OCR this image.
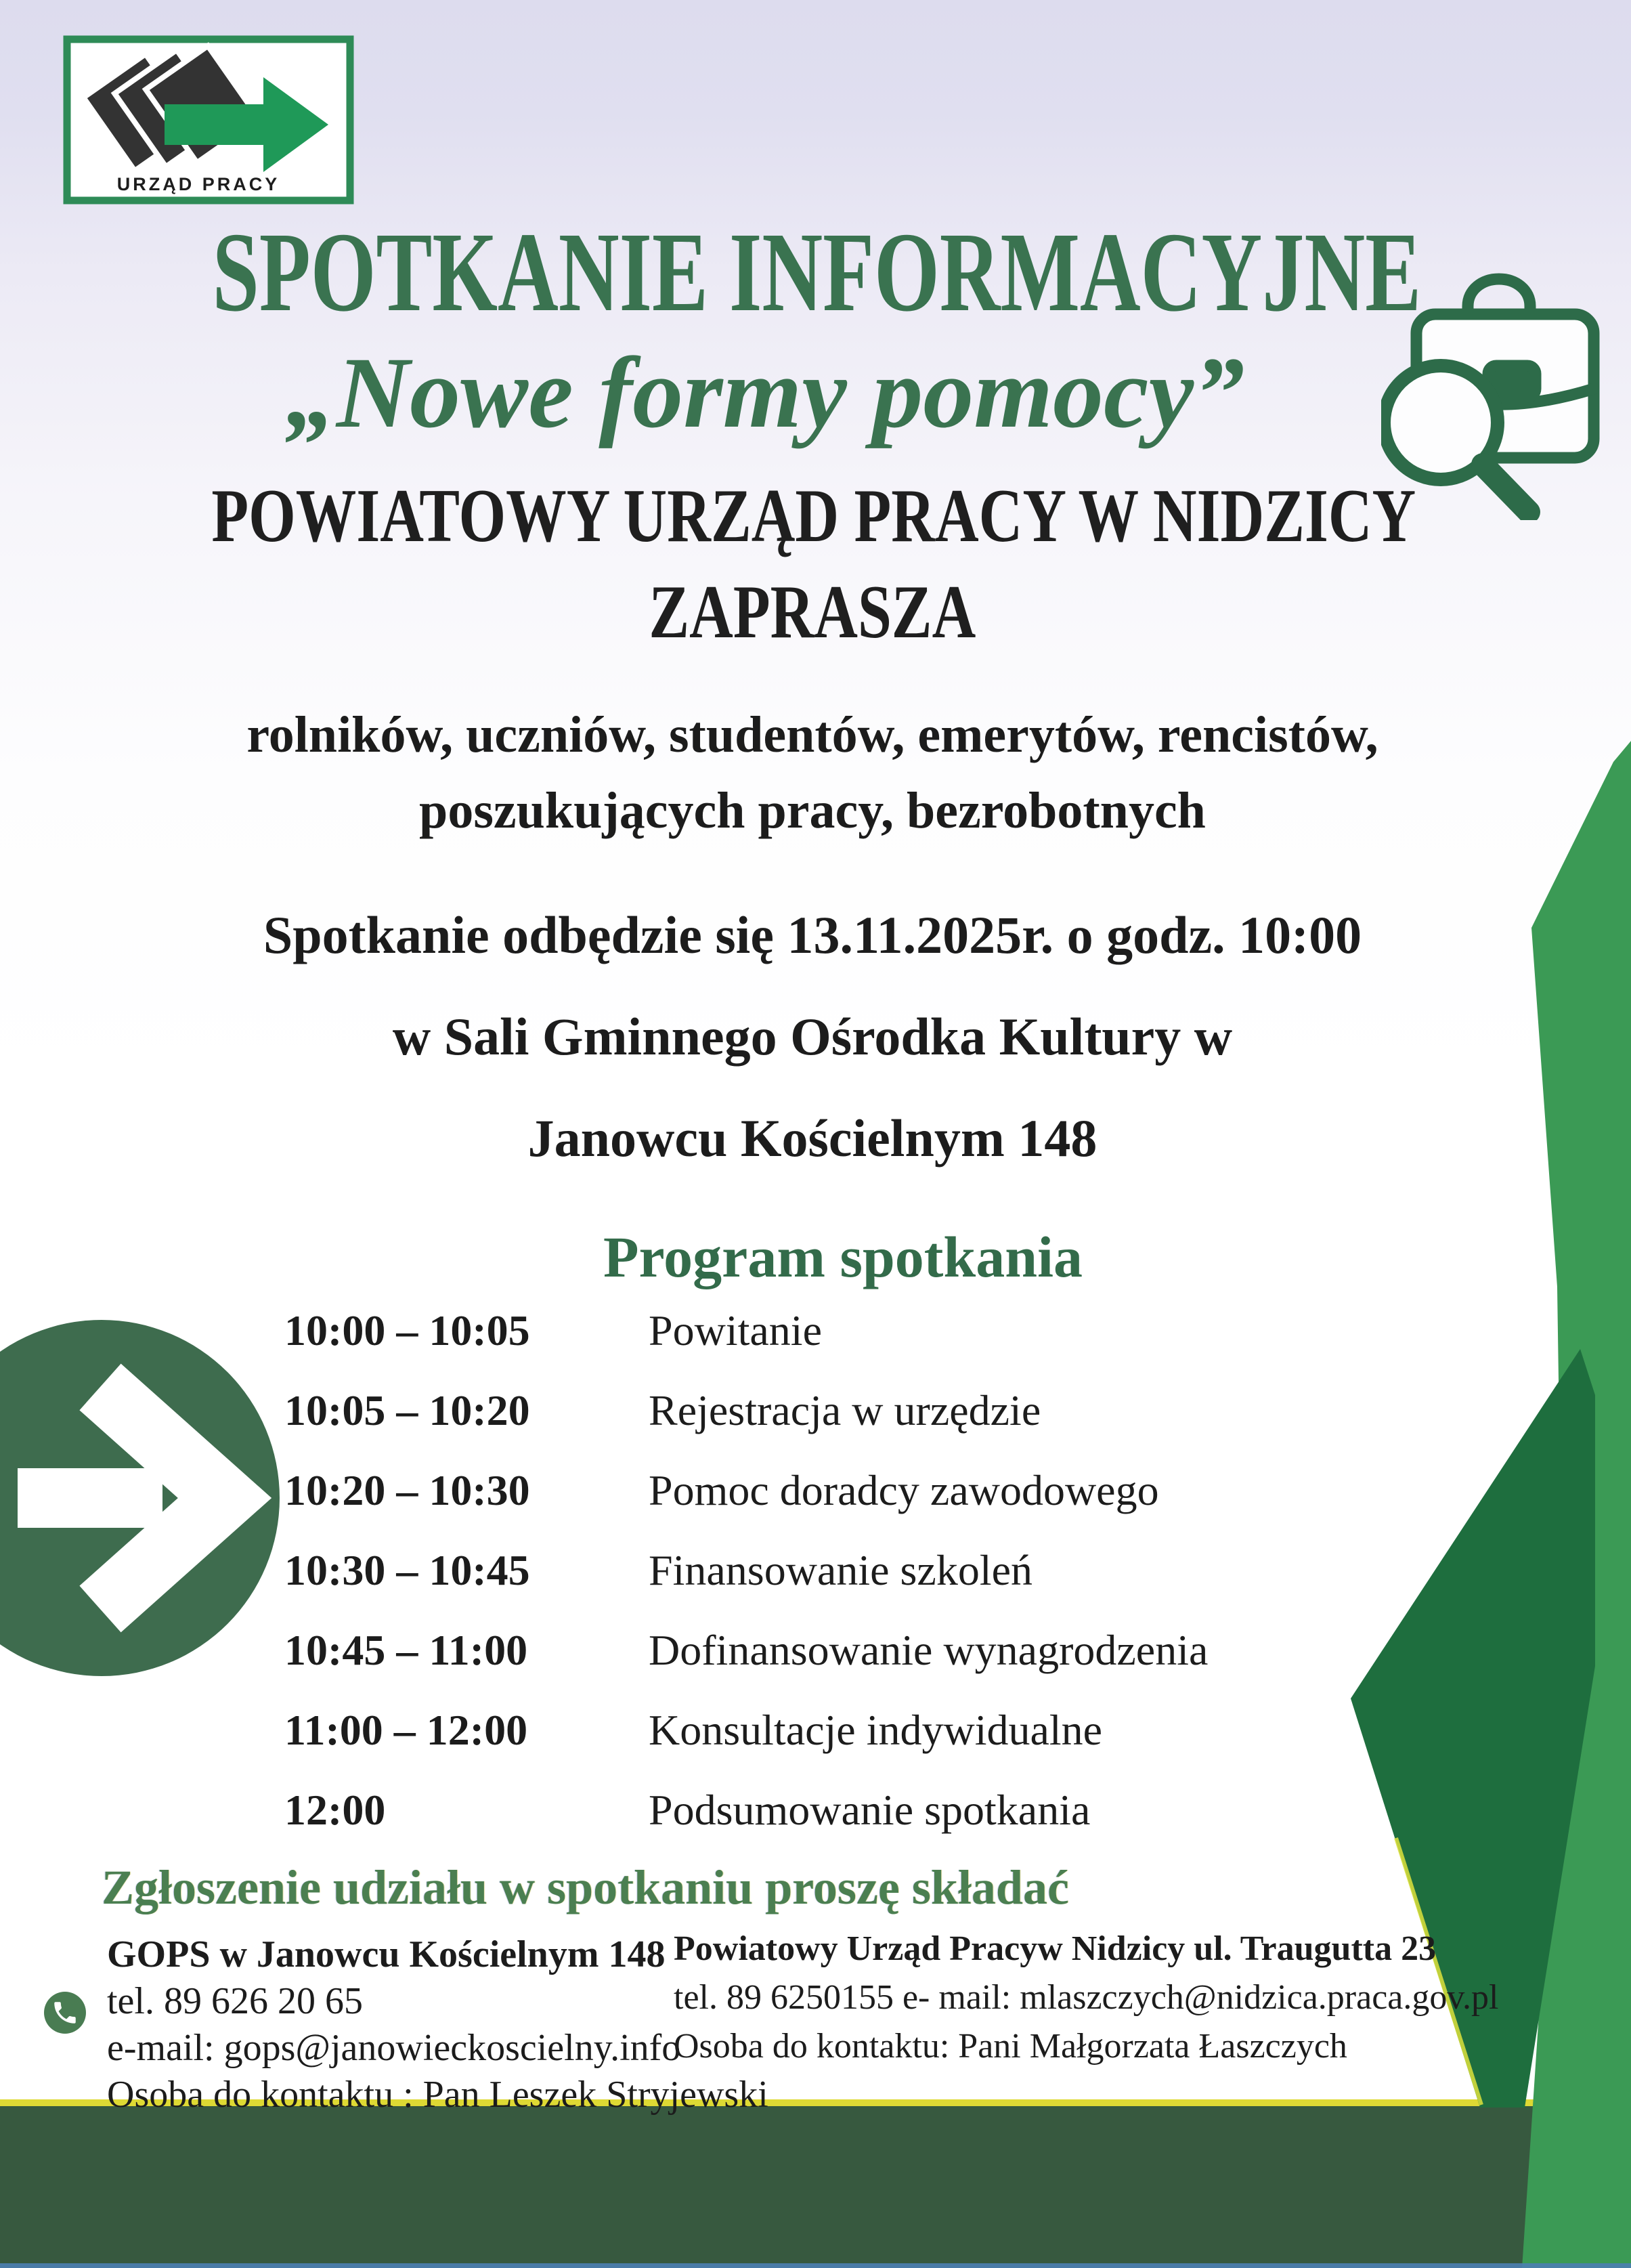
URZĄD PRACY
SPOTKANIE INFORMACYJNE
„Nowe formy pomocy”
POWIATOWY URZĄD PRACY W NIDZICY
ZAPRASZA
rolników, uczniów, studentów, emerytów, rencistów,
poszukujących pracy, bezrobotnych
Spotkanie odbędzie się 13.11.2025r. o godz. 10:00
w Sali Gminnego Ośrodka Kultury w
Janowcu Kościelnym 148
Program spotkania
10:00 – 10:05	Powitanie
10:05 – 10:20	Rejestracja w urzędzie
10:20 – 10:30	Pomoc doradcy zawodowego
10:30 – 10:45	Finansowanie szkoleń
10:45 – 11:00	Dofinansowanie wynagrodzenia
11:00 – 12:00	Konsultacje indywidualne
12:00	Podsumowanie spotkania
Zgłoszenie udziału w spotkaniu proszę składać
GOPS w Janowcu Kościelnym 148
tel. 89 626 20 65
e-mail: gops@janowieckoscielny.info
Osoba do kontaktu : Pan Leszek Stryjewski
Powiatowy Urząd Pracyw Nidzicy ul. Traugutta 23
tel. 89 6250155 e- mail: mlaszczych@nidzica.praca.gov.pl
Osoba do kontaktu: Pani Małgorzata Łaszczych
